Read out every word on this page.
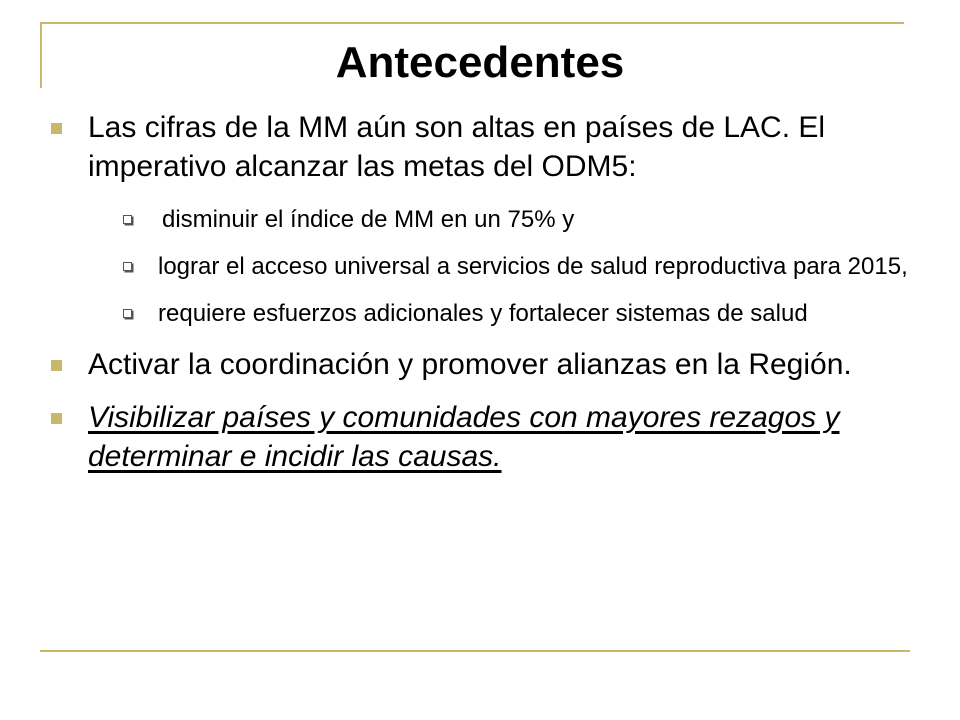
Antecedentes
Las cifras de la MM aún son altas en países de LAC. El imperativo alcanzar las metas del ODM5:
disminuir el índice de MM en un 75% y
lograr el acceso universal a servicios de salud reproductiva para 2015,
requiere esfuerzos adicionales y fortalecer sistemas de salud
Activar la coordinación y promover alianzas en la Región.
Visibilizar países y comunidades con mayores rezagos y determinar e incidir las causas.
